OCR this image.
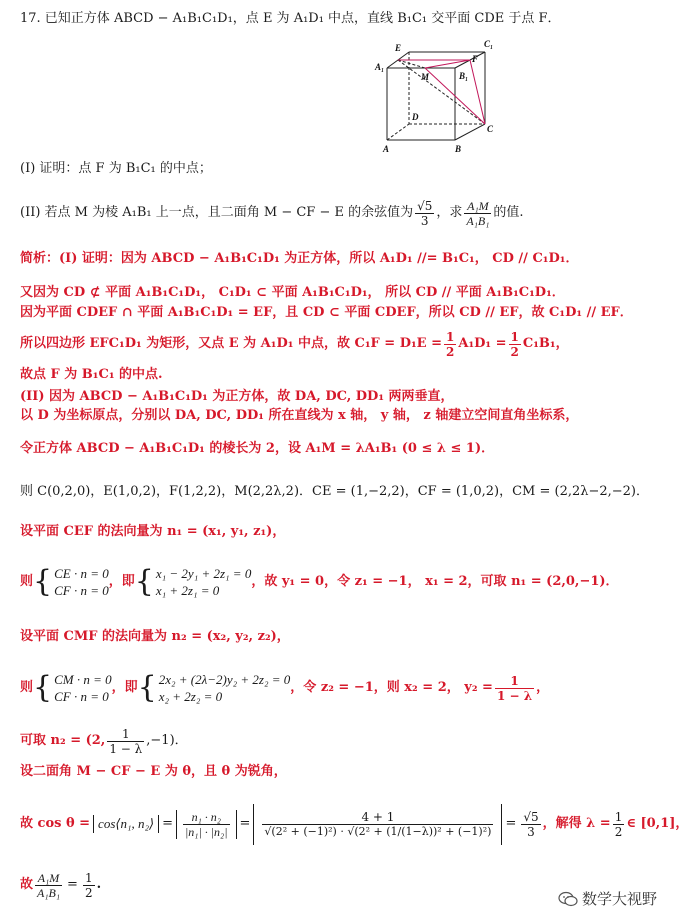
17. 已知正方体 ABCD − A₁B₁C₁D₁，点 E 为 A₁D₁ 中点，直线 B₁C₁ 交平面 CDE 于点 F．
E	C₁
A₁
F
M	B₁
D
C
A	B
(I) 证明：点 F 为 B₁C₁ 的中点；
(II) 若点 M 为棱 A₁B₁ 上一点，且二面角 M − CF − E 的余弦值为 $\frac{√5}{3}$ ，求 $\frac{\text{A₁M}}{\text{A₁B₁}}$ 的值.
简析：(I) 证明：因为 ABCD − A₁B₁C₁D₁ 为正方体，所以 A₁D₁ //= B₁C₁， CD // C₁D₁．
又因为 CD ⊄ 平面 A₁B₁C₁D₁， C₁D₁ ⊂ 平面 A₁B₁C₁D₁， 所以 CD // 平面 A₁B₁C₁D₁．
因为平面 CDEF ∩ 平面 A₁B₁C₁D₁ = EF，且 CD ⊂ 平面 CDEF，所以 CD // EF，故 C₁D₁ // EF．
所以四边形 EFC₁D₁ 为矩形，又点 E 为 A₁D₁ 中点，故 $C_1F = D_1E = \frac{1}{2} A_1D_1 = \frac{1}{2} C_1B_1$，
故点 F 为 B₁C₁ 的中点.
(II) 因为 ABCD − A₁B₁C₁D₁ 为正方体，故 DA, DC, DD₁ 两两垂直，
以 D 为坐标原点，分别以 DA, DC, DD₁ 所在直线为 x 轴， y 轴， z 轴建立空间直角坐标系，
令正方体 ABCD − A₁B₁C₁D₁ 的棱长为 2，设 A₁M = λA₁B₁ (0 ≤ λ ≤ 1)．
则 C(0,2,0)，E(1,0,2)，F(1,2,2)，M(2,2λ,2)．CE = (1,−2,2)，CF = (1,0,2)，CM = (2,2λ−2,−2)．
设平面 CEF 的法向量为 n₁ = (x₁, y₁, z₁)，
则 { CE · n = 0
CF · n = 0
，即 { x₁ − 2y₁ + 2z₁ = 0
x₁ + 2z₁ = 0
，故 y₁ = 0，令 z₁ = −1， x₁ = 2，可取 n₁ = (2,0,−1)．
设平面 CMF 的法向量为 n₂ = (x₂, y₂, z₂)，
则 { CM · n = 0
CF · n = 0
，即 { 2x₂ + (2λ−2)y₂ + 2z₂ = 0
x₂ + 2z₂ = 0
，令 z₂ = −1，则 x₂ = 2， $y_2 = \frac{1}{1 - \lambda}$ ，
可取 n₂ = (2, $\frac{1}{1 - \lambda} ,-1$)．
设二面角 M − CF − E 为 θ，且 θ 为锐角，
故 cos θ = cos⟨n₁, n₂⟩ = $\frac{\text{n₁ · n₂}}{\text{|n₁| · |n₂|}} = \frac{4 + 1}{\text{√(2² + (−1)²) · √(2² + (1/(1−λ))² + (−1)²)}} = \frac{√5}{3}$ ，解得 $\lambda = \frac{1}{2}$ ∈ [0,1]，
故 $\frac{\text{A₁M}}{\text{A₁B₁}} = \frac{1}{2}$ .
数学大视野
